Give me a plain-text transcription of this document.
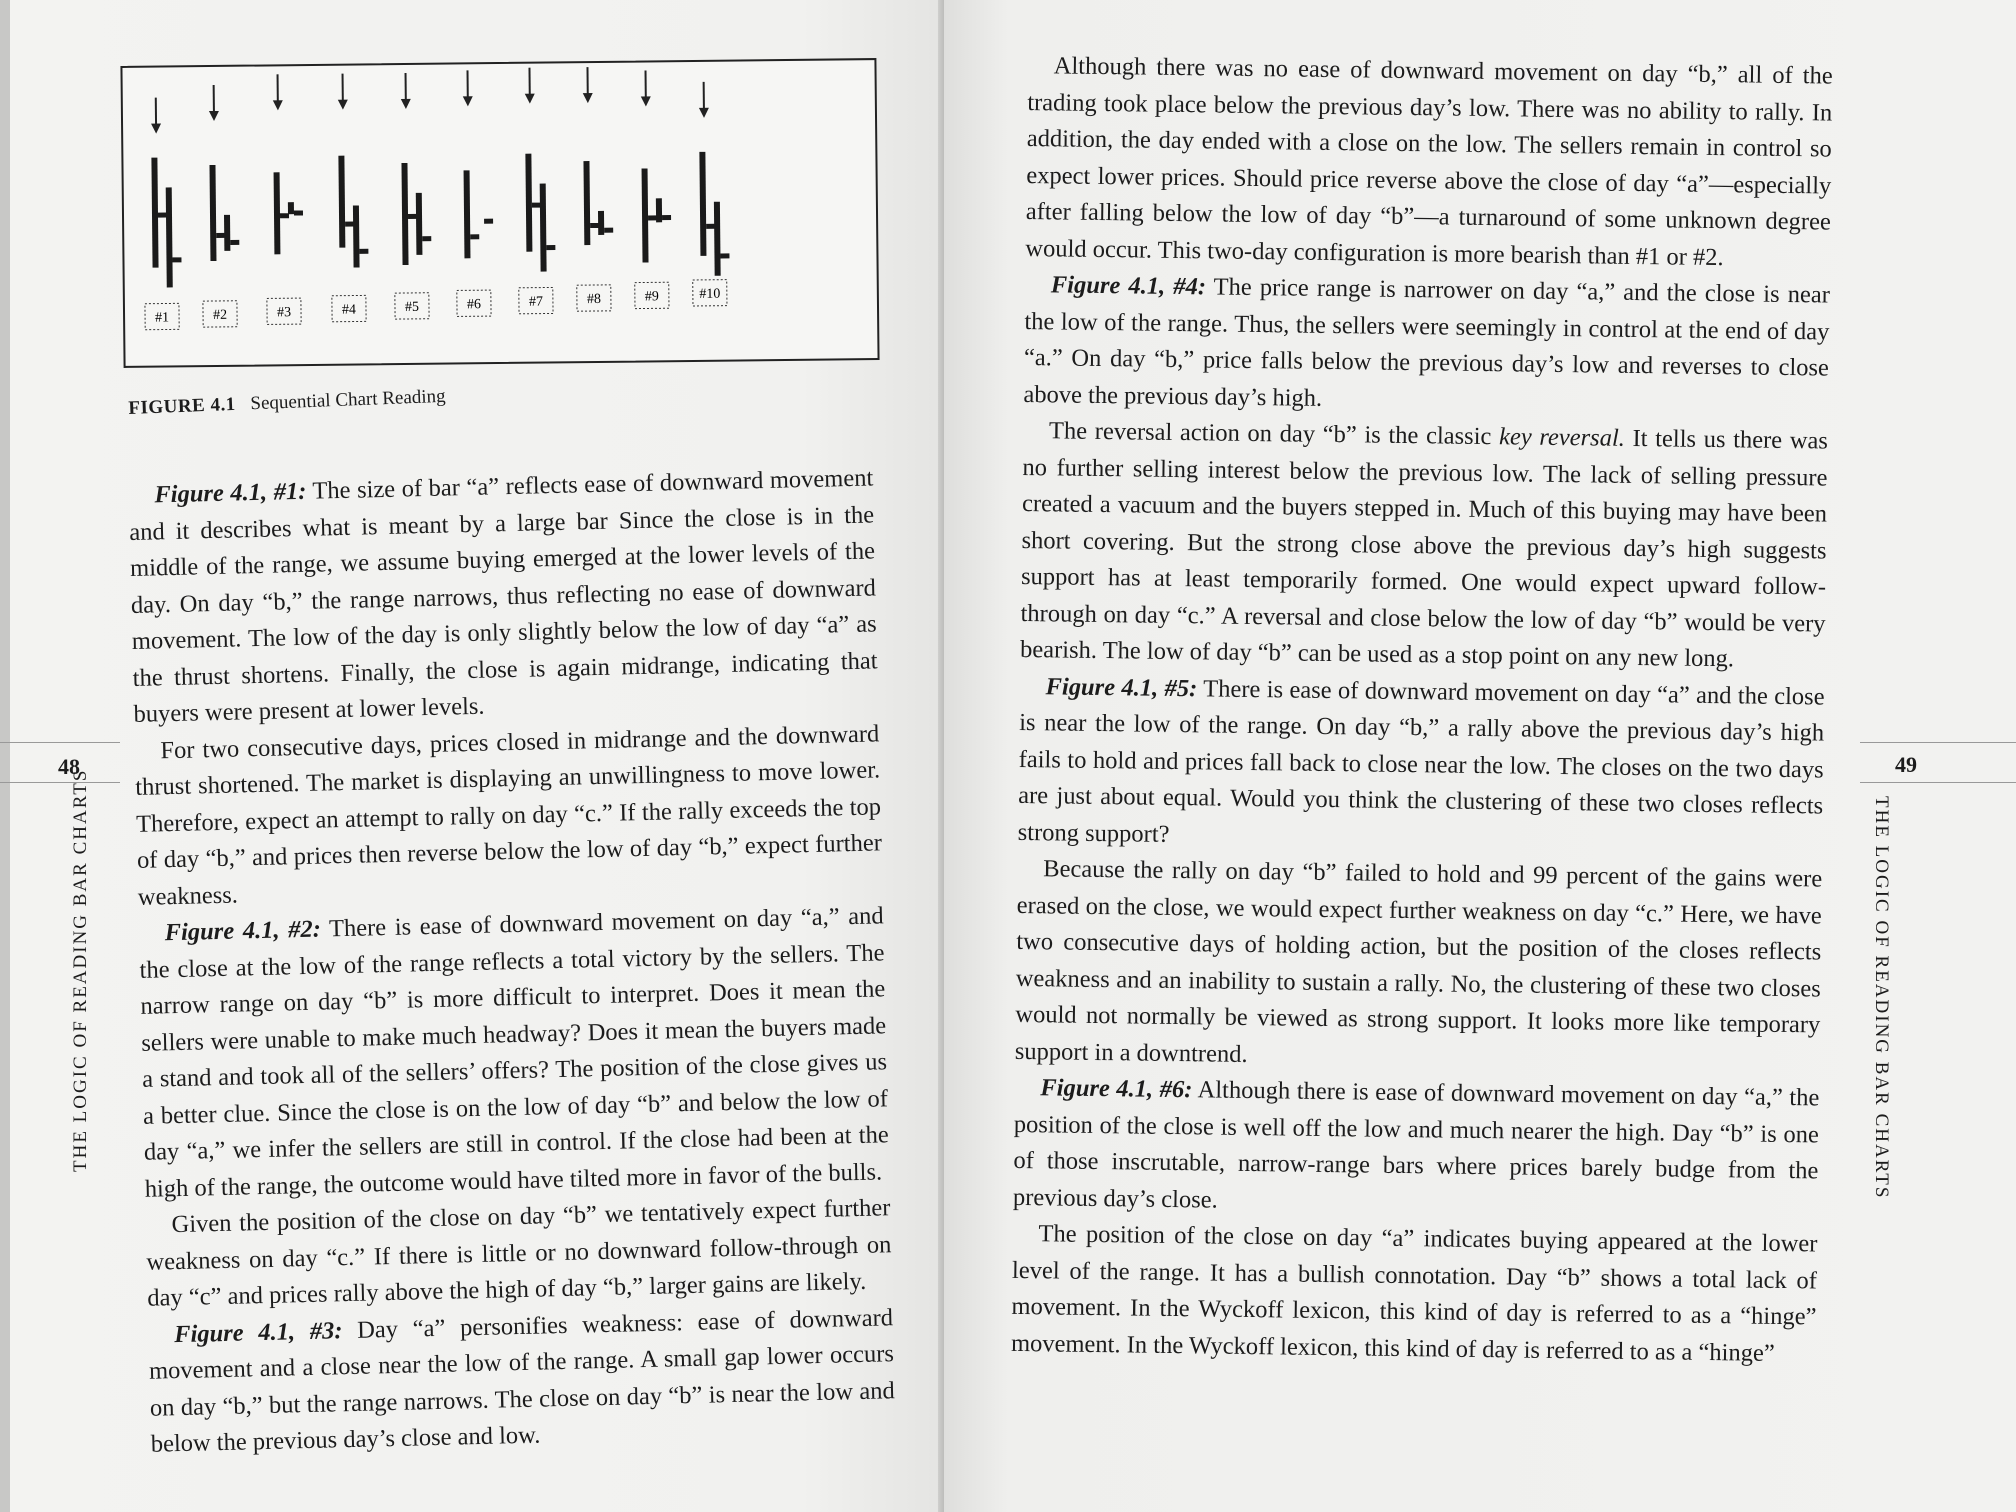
#1	#2	#3	#4	#5	#6	#7	#8	#9	#10
FIGURE 4.1 Sequential Chart Reading

Figure 4.1, #1: The size of bar “a” reflects ease of downward movement and it describes what is meant by a large bar Since the close is in the middle of the range, we assume buying emerged at the lower levels of the day. On day “b,” the range narrows, thus reflecting no ease of downward movement. The low of the day is only slightly below the low of day “a” as the thrust shortens. Finally, the close is again midrange, indicating that buyers were present at lower levels.

For two consecutive days, prices closed in midrange and the downward thrust shortened. The market is displaying an unwillingness to move lower. Therefore, expect an attempt to rally on day “c.” If the rally exceeds the top of day “b,” and prices then reverse below the low of day “b,” expect further weakness.

Figure 4.1, #2: There is ease of downward movement on day “a,” and the close at the low of the range reflects a total victory by the sellers. The narrow range on day “b” is more difficult to interpret. Does it mean the sellers were unable to make much headway? Does it mean the buyers made a stand and took all of the sellers’ offers? The position of the close gives us a better clue. Since the close is on the low of day “b” and below the low of day “a,” we infer the sellers are still in control. If the close had been at the high of the range, the outcome would have tilted more in favor of the bulls.

Given the position of the close on day “b” we tentatively expect further weakness on day “c.” If there is little or no downward follow-through on day “c” and prices rally above the high of day “b,” larger gains are likely.

Figure 4.1, #3: Day “a” personifies weakness: ease of downward movement and a close near the low of the range. A small gap lower occurs on day “b,” but the range narrows. The close on day “b” is near the low and below the previous day’s close and low.

48
THE LOGIC OF READING BAR CHARTS

Although there was no ease of downward movement on day “b,” all of the trading took place below the previous day’s low. There was no ability to rally. In addition, the day ended with a close on the low. The sellers remain in control so expect lower prices. Should price reverse above the close of day “a”—especially after falling below the low of day “b”—a turnaround of some unknown degree would occur. This two-day configuration is more bearish than #1 or #2.

Figure 4.1, #4: The price range is narrower on day “a,” and the close is near the low of the range. Thus, the sellers were seemingly in control at the end of day “a.” On day “b,” price falls below the previous day’s low and reverses to close above the previous day’s high.

The reversal action on day “b” is the classic key reversal. It tells us there was no further selling interest below the previous low. The lack of selling pressure created a vacuum and the buyers stepped in. Much of this buying may have been short covering. But the strong close above the previous day’s high suggests support has at least temporarily formed. One would expect upward follow-through on day “c.” A reversal and close below the low of day “b” would be very bearish. The low of day “b” can be used as a stop point on any new long.

Figure 4.1, #5: There is ease of downward movement on day “a” and the close is near the low of the range. On day “b,” a rally above the previous day’s high fails to hold and prices fall back to close near the low. The closes on the two days are just about equal. Would you think the clustering of these two closes reflects strong support?

Because the rally on day “b” failed to hold and 99 percent of the gains were erased on the close, we would expect further weakness on day “c.” Here, we have two consecutive days of holding action, but the position of the closes reflects weakness and an inability to sustain a rally. No, the clustering of these two closes would not normally be viewed as strong support. It looks more like temporary support in a downtrend.

Figure 4.1, #6: Although there is ease of downward movement on day “a,” the position of the close is well off the low and much nearer the high. Day “b” is one of those inscrutable, narrow-range bars where prices barely budge from the previous day’s close.

The position of the close on day “a” indicates buying appeared at the lower level of the range. It has a bullish connotation. Day “b” shows a total lack of movement. In the Wyckoff lexicon, this kind of day is referred to as a “hinge” movement. In the Wyckoff lexicon, this kind of day is referred to as a “hinge”

49
THE LOGIC OF READING BAR CHARTS
